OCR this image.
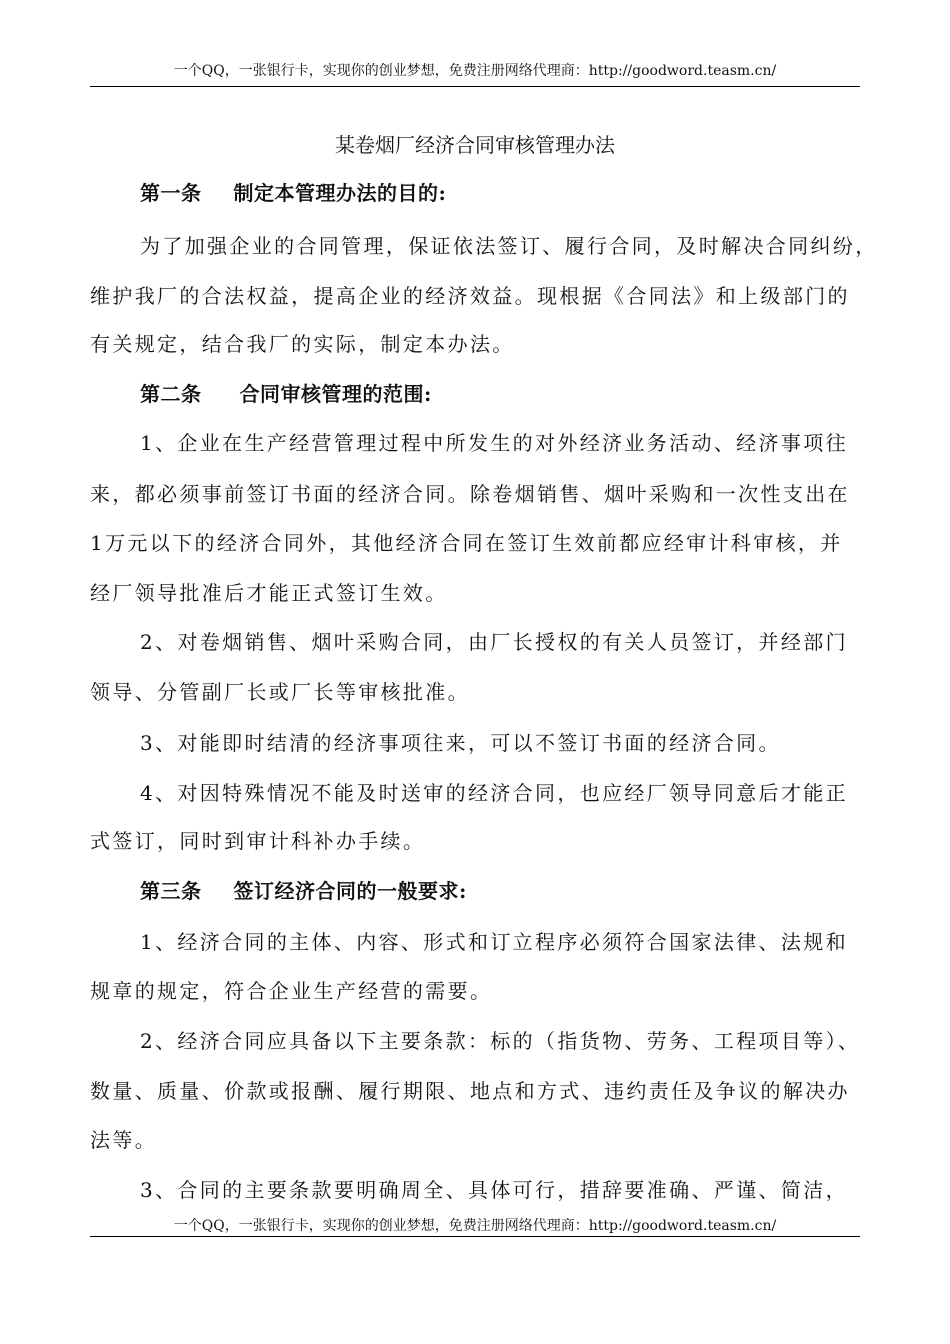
一个QQ，一张银行卡，实现你的创业梦想，免费注册网络代理商：http://goodword.teasm.cn/
某卷烟厂经济合同审核管理办法
第一条 制定本管理办法的目的:
为了加强企业的合同管理，保证依法签订、履行合同，及时解决合同纠纷，
维护我厂的合法权益，提高企业的经济效益。现根据《合同法》和上级部门的
有关规定，结合我厂的实际，制定本办法。
第二条 合同审核管理的范围:
1、企业在生产经营管理过程中所发生的对外经济业务活动、经济事项往
来，都必须事前签订书面的经济合同。除卷烟销售、烟叶采购和一次性支出在
1万元以下的经济合同外，其他经济合同在签订生效前都应经审计科审核，并
经厂领导批准后才能正式签订生效。
2、对卷烟销售、烟叶采购合同，由厂长授权的有关人员签订，并经部门
领导、分管副厂长或厂长等审核批准。
3、对能即时结清的经济事项往来，可以不签订书面的经济合同。
4、对因特殊情况不能及时送审的经济合同，也应经厂领导同意后才能正
式签订，同时到审计科补办手续。
第三条 签订经济合同的一般要求:
1、经济合同的主体、内容、形式和订立程序必须符合国家法律、法规和
规章的规定，符合企业生产经营的需要。
2、经济合同应具备以下主要条款：标的（指货物、劳务、工程项目等）、
数量、质量、价款或报酬、履行期限、地点和方式、违约责任及争议的解决办
法等。
3、合同的主要条款要明确周全、具体可行，措辞要准确、严谨、简洁，
一个QQ，一张银行卡，实现你的创业梦想，免费注册网络代理商：http://goodword.teasm.cn/
